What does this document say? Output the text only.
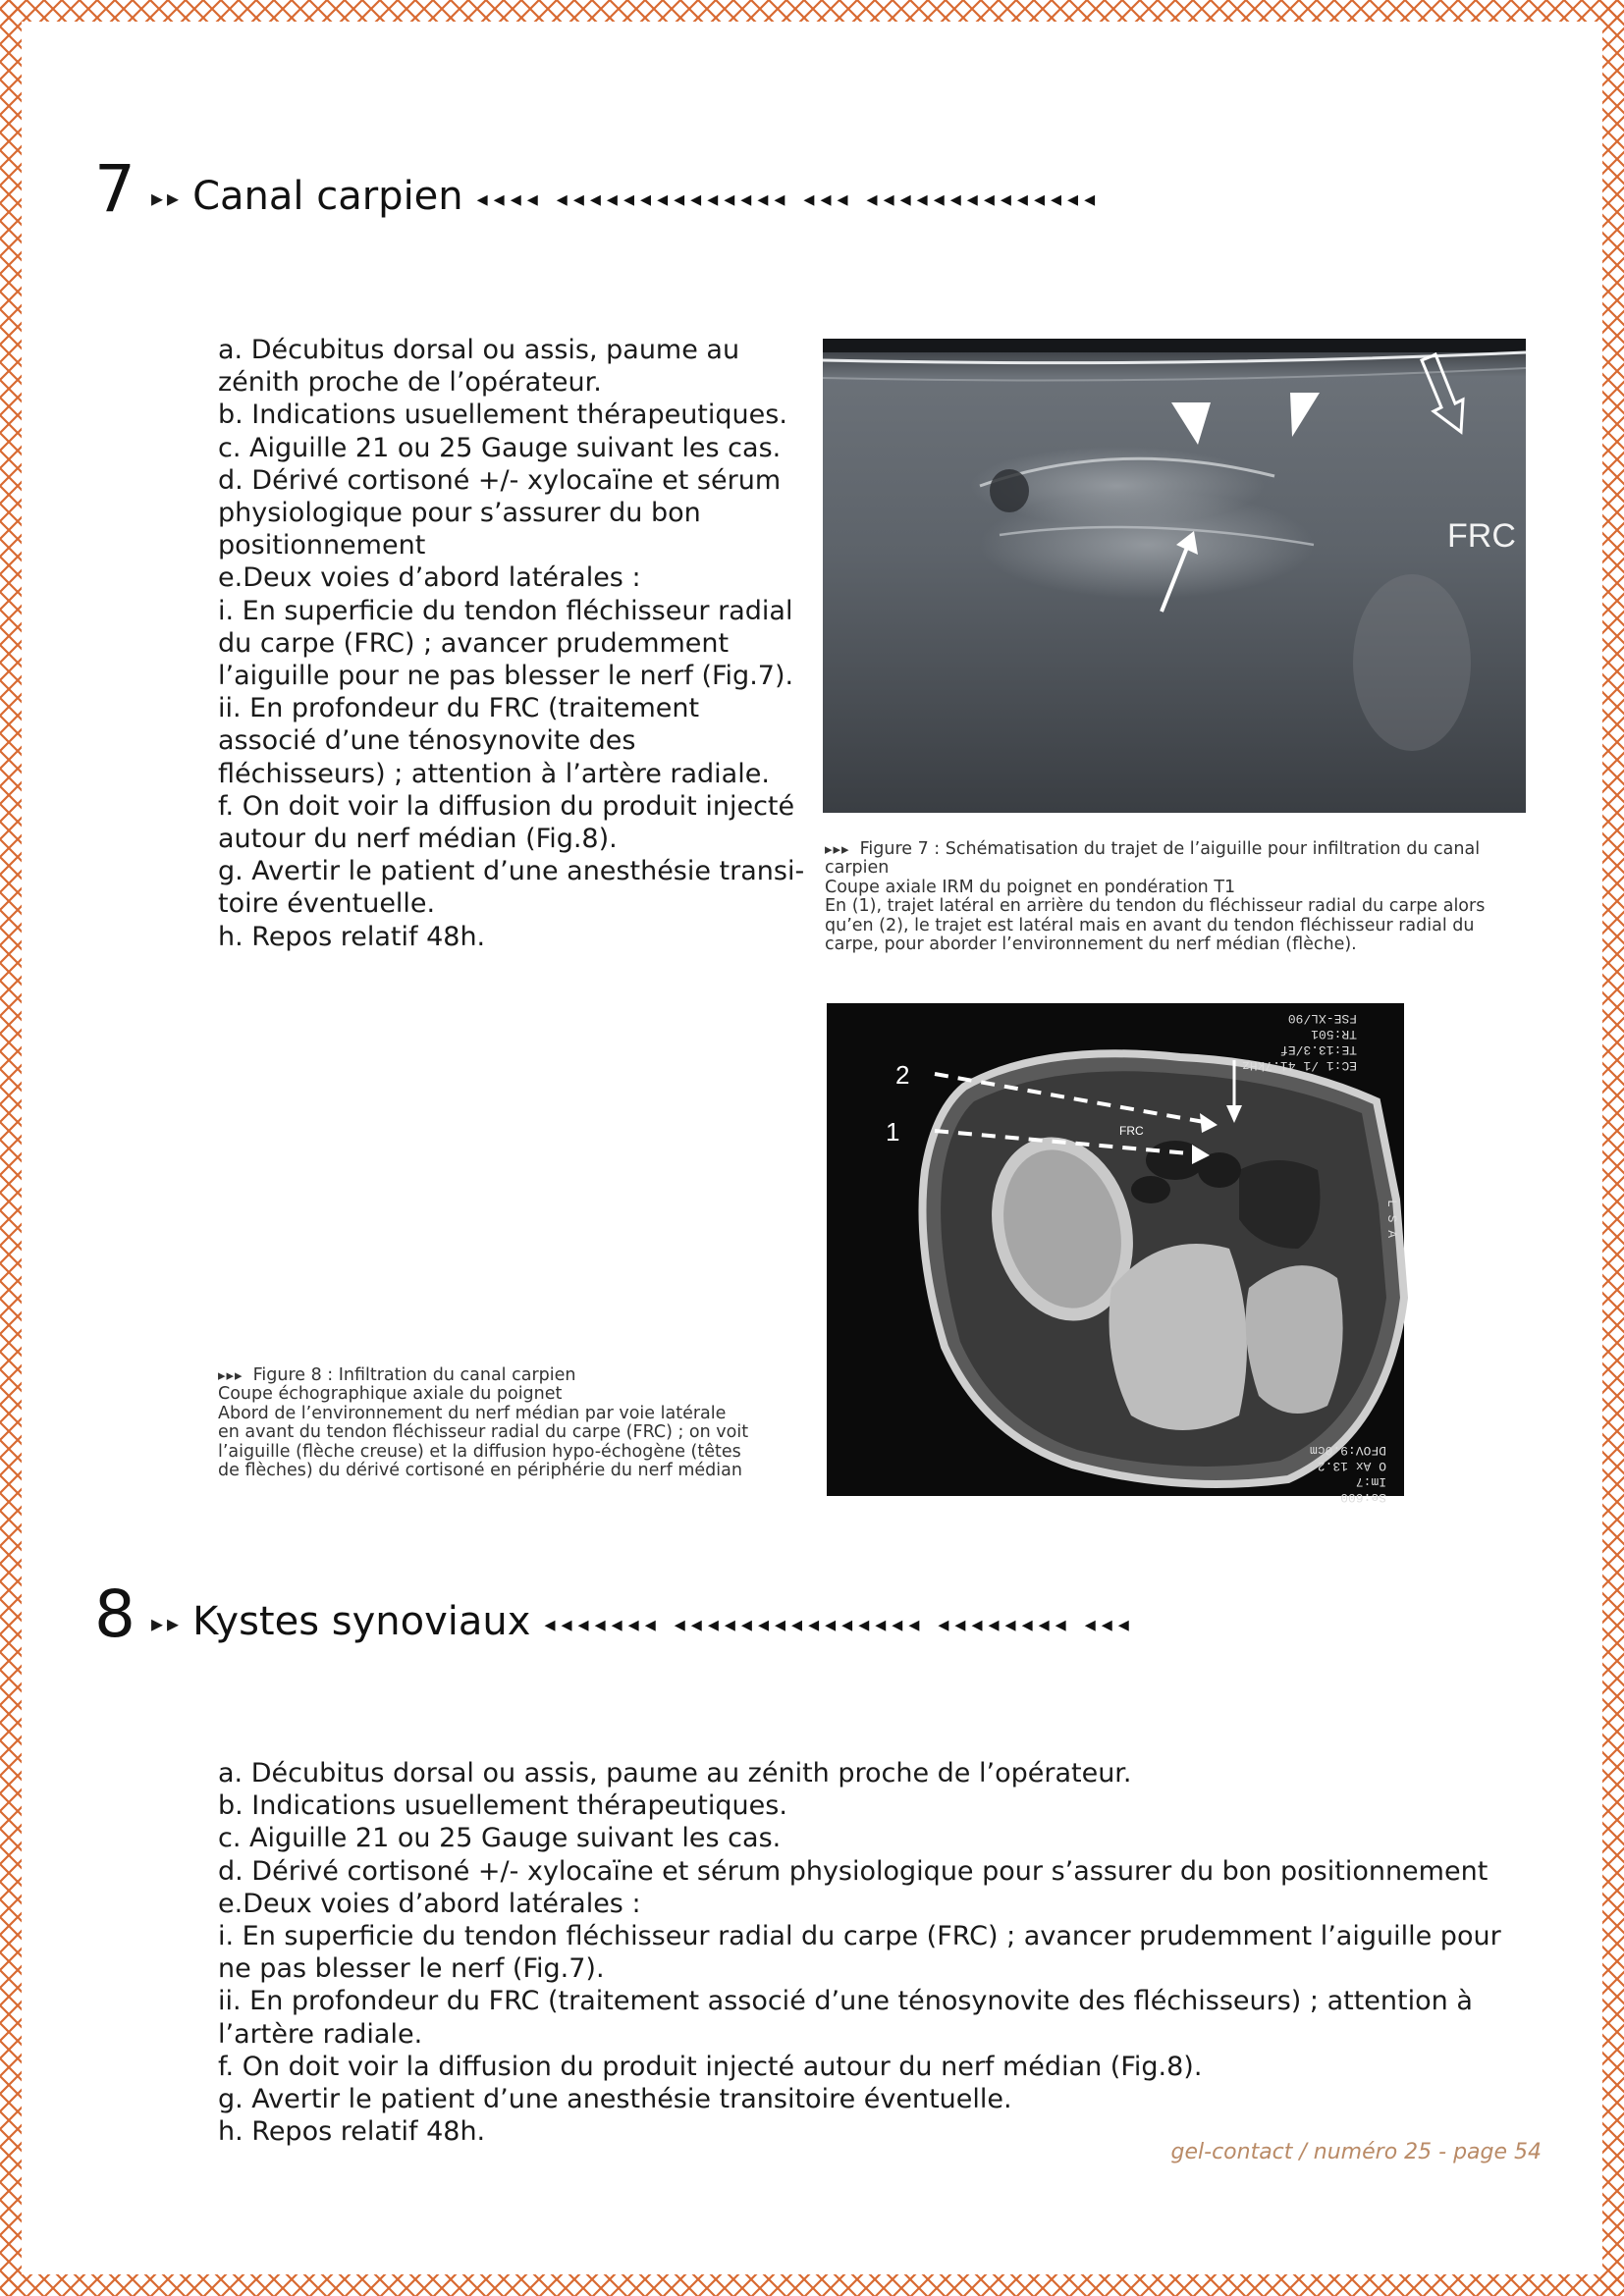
7 ▸▸ Canal carpien ◂◂◂◂ ◂◂◂◂◂◂◂◂◂◂◂◂◂◂ ◂◂◂ ◂◂◂◂◂◂◂◂◂◂◂◂◂◂
a. Décubitus dorsal ou assis, paume au
zénith proche de l’opérateur.
b. Indications usuellement thérapeutiques.
c. Aiguille 21 ou 25 Gauge suivant les cas.
d. Dérivé cortisoné +/- xylocaïne et sérum
physiologique pour s’assurer du bon
positionnement
e.Deux voies d’abord latérales :
i. En superficie du tendon fléchisseur radial
du carpe (FRC) ; avancer prudemment
l’aiguille pour ne pas blesser le nerf (Fig.7).
ii. En profondeur du FRC (traitement
associé d’une ténosynovite des
fléchisseurs) ; attention à l’artère radiale.
f. On doit voir la diffusion du produit injecté
autour du nerf médian (Fig.8).
g. Avertir le patient d’une anesthésie transi-
toire éventuelle.
h. Repos relatif 48h.
FRC
▸▸▸ Figure 7 : Schématisation du trajet de l’aiguille pour infiltration du canal
carpien
Coupe axiale IRM du poignet en pondération T1
En (1), trajet latéral en arrière du tendon du fléchisseur radial du carpe alors
qu’en (2), le trajet est latéral mais en avant du tendon fléchisseur radial du
carpe, pour aborder l’environnement du nerf médian (flèche).
2
1	FRC
EC:1 /1 41.7kHz
TE:13.3/Ef
TR:501
FSE-XL/90
Se:600
Im:7
O Ax 13.2
DFOV:9.0cm
L S A
▸▸▸ Figure 8 : Infiltration du canal carpien
Coupe échographique axiale du poignet
Abord de l’environnement du nerf médian par voie latérale
en avant du tendon fléchisseur radial du carpe (FRC) ; on voit
l’aiguille (flèche creuse) et la diffusion hypo-échogène (têtes
de flèches) du dérivé cortisoné en périphérie du nerf médian
8 ▸▸ Kystes synoviaux ◂◂◂◂◂◂◂ ◂◂◂◂◂◂◂◂◂◂◂◂◂◂◂ ◂◂◂◂◂◂◂◂ ◂◂◂
a. Décubitus dorsal ou assis, paume au zénith proche de l’opérateur.
b. Indications usuellement thérapeutiques.
c. Aiguille 21 ou 25 Gauge suivant les cas.
d. Dérivé cortisoné +/- xylocaïne et sérum physiologique pour s’assurer du bon positionnement
e.Deux voies d’abord latérales :
i. En superficie du tendon fléchisseur radial du carpe (FRC) ; avancer prudemment l’aiguille pour
ne pas blesser le nerf (Fig.7).
ii. En profondeur du FRC (traitement associé d’une ténosynovite des fléchisseurs) ; attention à
l’artère radiale.
f. On doit voir la diffusion du produit injecté autour du nerf médian (Fig.8).
g. Avertir le patient d’une anesthésie transitoire éventuelle.
h. Repos relatif 48h.
gel-contact / numéro 25 - page 54
